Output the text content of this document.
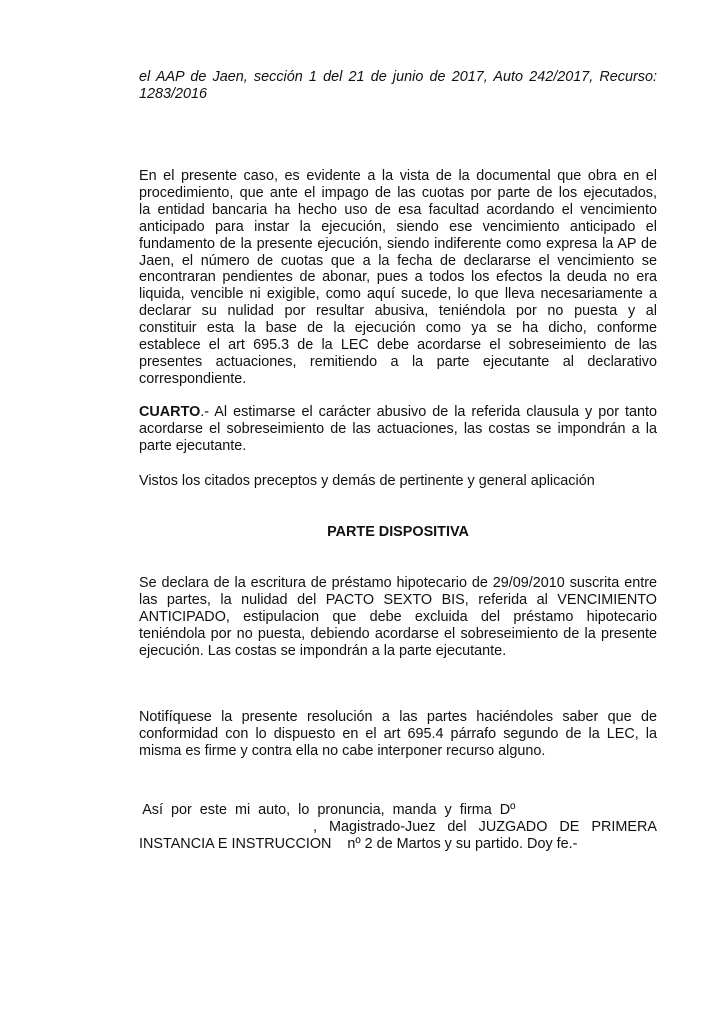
el AAP de Jaen, sección 1 del 21 de junio de 2017, Auto 242/2017, Recurso:
1283/2016
En el presente caso, es evidente a la vista de la documental que obra en el
procedimiento, que ante el impago de las cuotas por parte de los ejecutados,
la entidad bancaria ha hecho uso de esa facultad acordando el vencimiento
anticipado para instar la ejecución, siendo ese vencimiento anticipado el
fundamento de la presente ejecución, siendo indiferente como expresa la AP de
Jaen, el número de cuotas que a la fecha de declararse el vencimiento se
encontraran pendientes de abonar, pues a todos los efectos la deuda no era
liquida, vencible ni exigible, como aquí sucede, lo que lleva necesariamente a
declarar su nulidad por resultar abusiva, teniéndola por no puesta y al
constituir esta la base de la ejecución como ya se ha dicho, conforme
establece el art 695.3 de la LEC debe acordarse el sobreseimiento de las
presentes actuaciones, remitiendo a la parte ejecutante al declarativo
correspondiente.
CUARTO.- Al estimarse el carácter abusivo de la referida clausula y por tanto
acordarse el sobreseimiento de las actuaciones, las costas se impondrán a la
parte ejecutante.
Vistos los citados preceptos y demás de pertinente y general aplicación
PARTE DISPOSITIVA
Se declara de la escritura de préstamo hipotecario de 29/09/2010 suscrita entre
las partes, la nulidad del PACTO SEXTO BIS, referida al VENCIMIENTO
ANTICIPADO, estipulacion que debe excluida del préstamo hipotecario
teniéndola por no puesta, debiendo acordarse el sobreseimiento de la presente
ejecución. Las costas se impondrán a la parte ejecutante.
Notifíquese la presente resolución a las partes haciéndoles saber que de
conformidad con lo dispuesto en el art 695.4 párrafo segundo de la LEC, la
misma es firme y contra ella no cabe interponer recurso alguno.
Así  por  este  mi  auto,  lo  pronuncia,  manda  y  firma  Dº
, Magistrado-Juez del JUZGADO DE PRIMERA
INSTANCIA E INSTRUCCION    nº 2 de Martos y su partido. Doy fe.-
